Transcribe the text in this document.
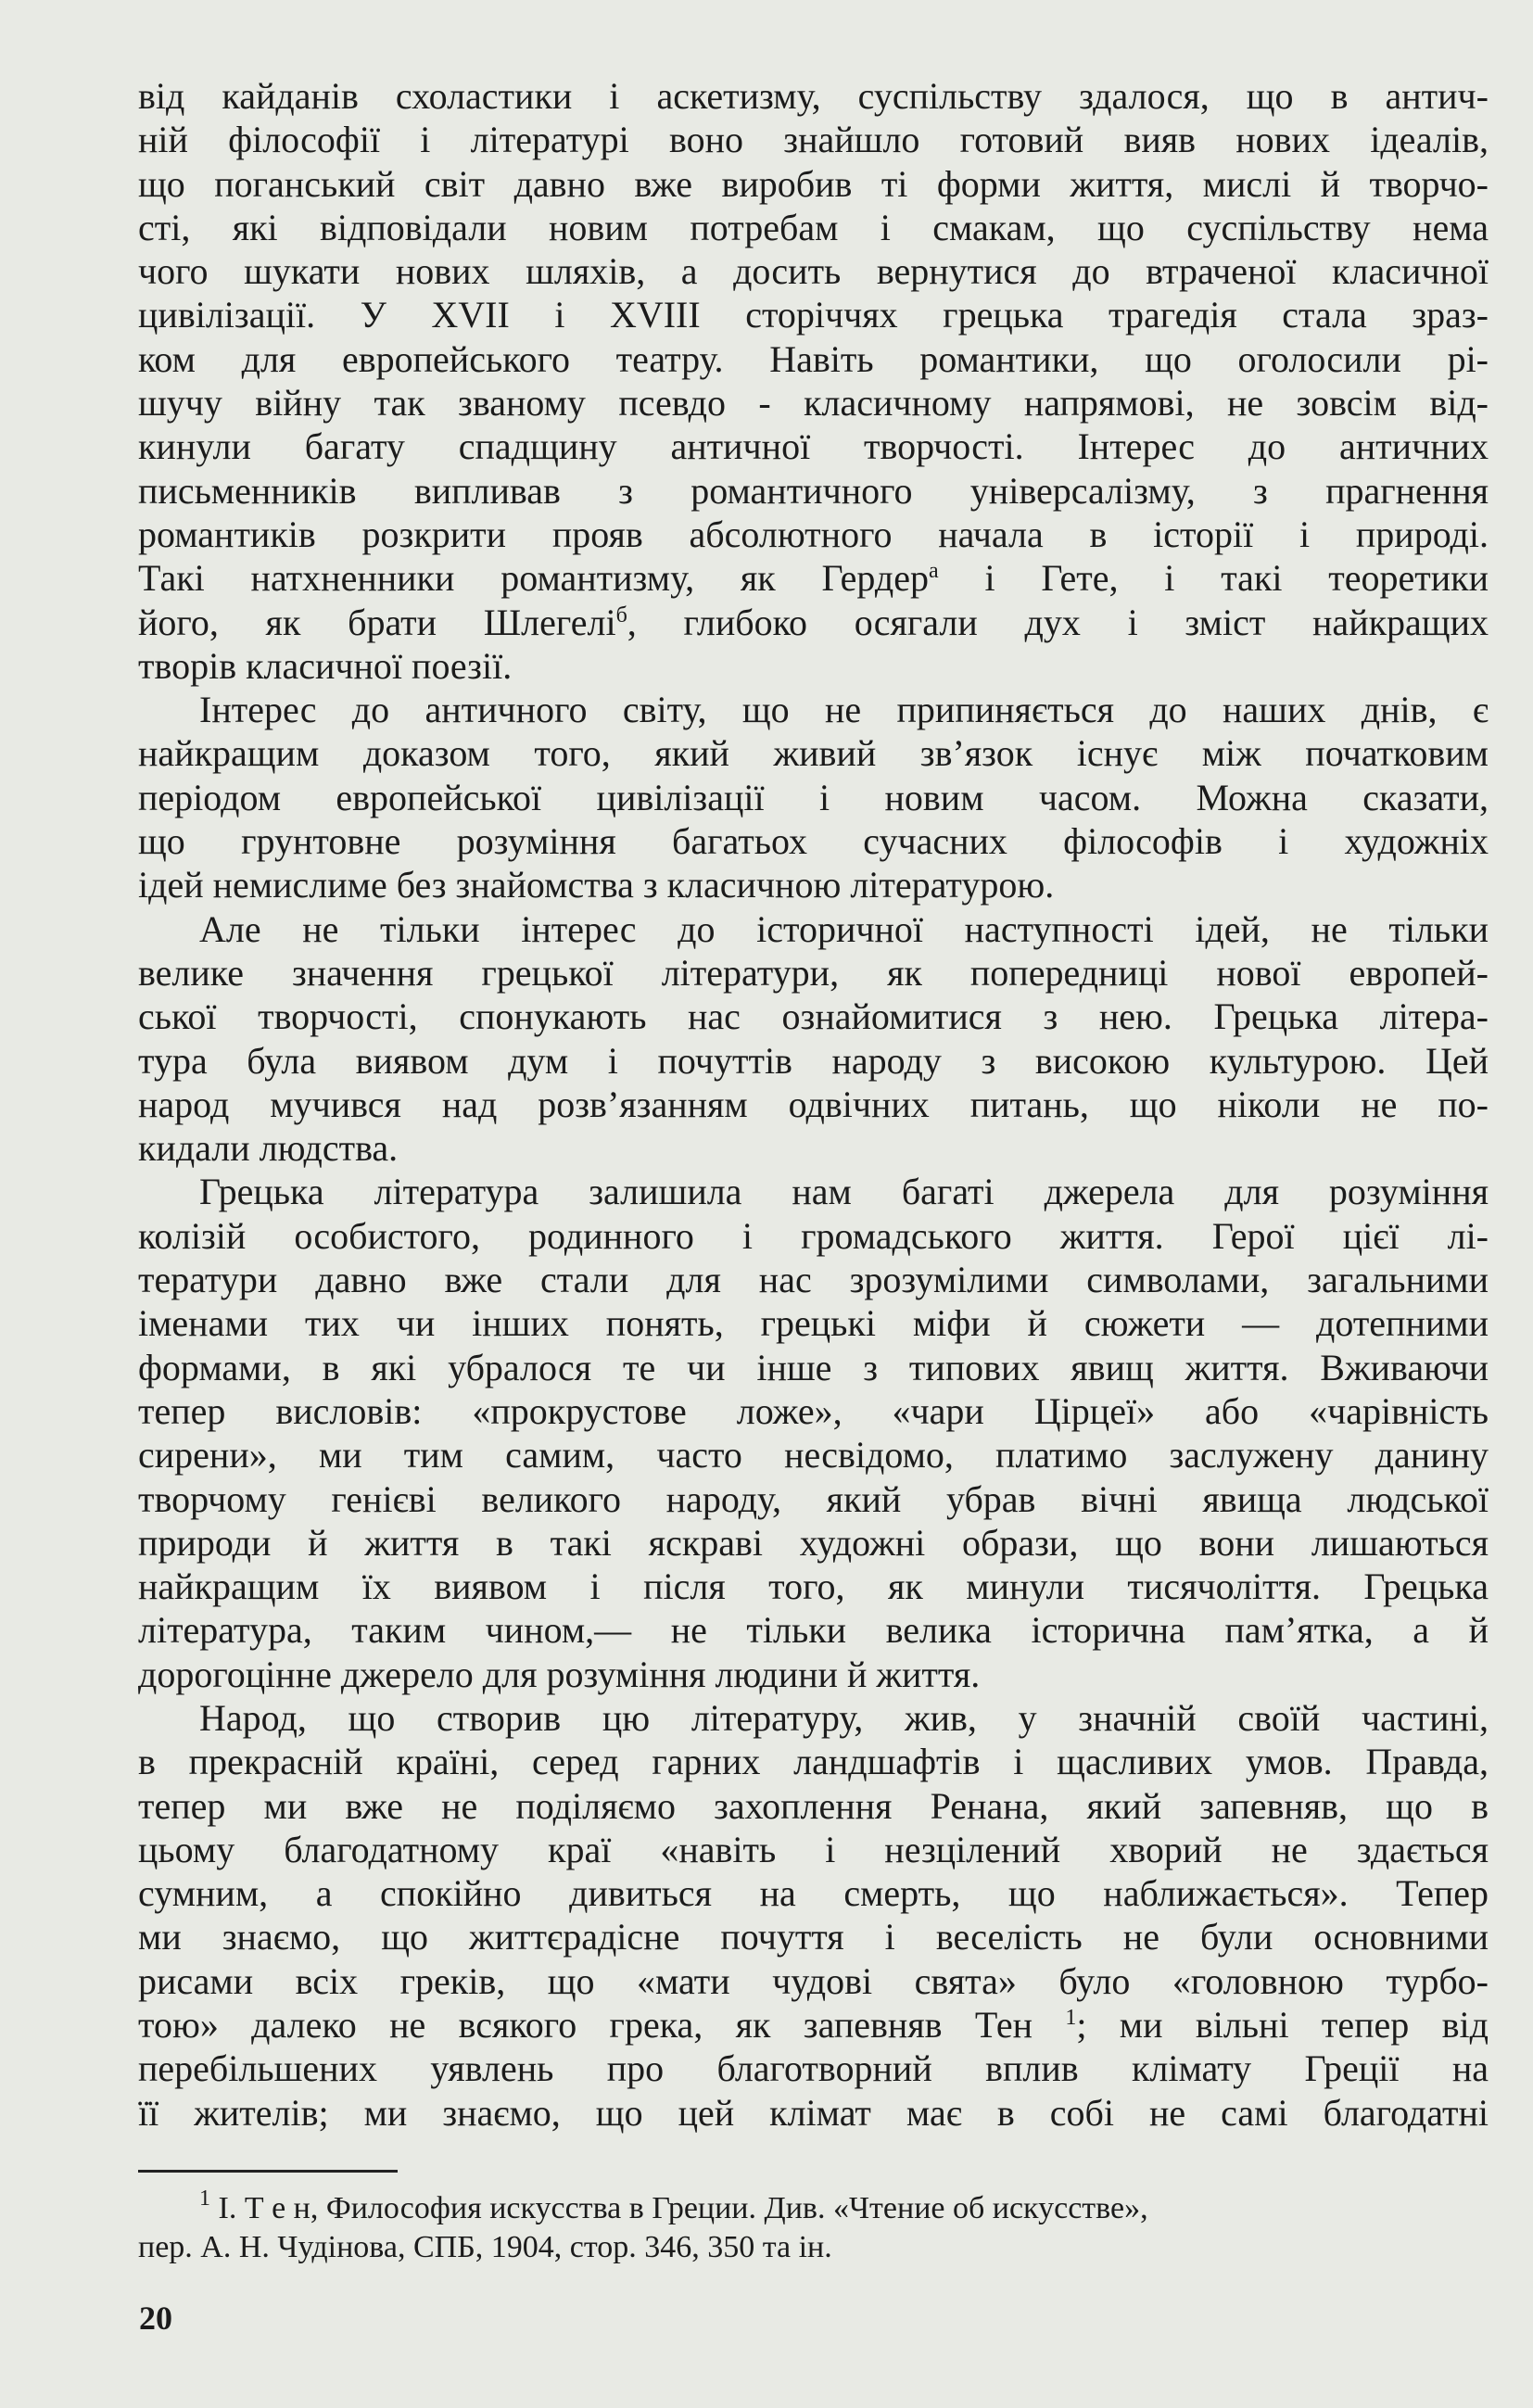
від кайданів схоластики і аскетизму, суспільству здалося, що в антич-
ній філософії і літературі воно знайшло готовий вияв нових ідеалів,
що поганський світ давно вже виробив ті форми життя, мислі й творчо-
сті, які відповідали новим потребам і смакам, що суспільству нема
чого шукати нових шляхів, а досить вернутися до втраченої класичної
цивілізації. У XVII і XVIII сторіччях грецька трагедія стала зраз-
ком для европейського театру. Навіть романтики, що оголосили рі-
шучу війну так званому псевдо - класичному напрямові, не зовсім від-
кинули багату спадщину античної творчості. Інтерес до античних
письменників випливав з романтичного універсалізму, з прагнення
романтиків розкрити прояв абсолютного начала в історії і природі.
Такі натхненники романтизму, як Гердер$^а$ і Гете, і такі теоретики
його, як брати Шлегелі$^б$, глибоко осягали дух і зміст найкращих
творів класичної поезії.
Інтерес до античного світу, що не припиняється до наших днів, є
найкращим доказом того, який живий зв’язок існує між початковим
періодом европейської цивілізації і новим часом. Можна сказати,
що грунтовне розуміння багатьох сучасних філософів і художніх
ідей немислиме без знайомства з класичною літературою.
Але не тільки інтерес до історичної наступності ідей, не тільки
велике значення грецької літератури, як попередниці нової европей-
ської творчості, спонукають нас ознайомитися з нею. Грецька літера-
тура була виявом дум і почуттів народу з високою культурою. Цей
народ мучився над розв’язанням одвічних питань, що ніколи не по-
кидали людства.
Грецька література залишила нам багаті джерела для розуміння
колізій особистого, родинного і громадського життя. Герої цієї лі-
тератури давно вже стали для нас зрозумілими символами, загальними
іменами тих чи інших понять, грецькі міфи й сюжети — дотепними
формами, в які убралося те чи інше з типових явищ життя. Вживаючи
тепер висловів: «прокрустове ложе», «чари Цірцеї» або «чарівність
сирени», ми тим самим, часто несвідомо, платимо заслужену данину
творчому генієві великого народу, який убрав вічні явища людської
природи й життя в такі яскраві художні образи, що вони лишаються
найкращим їх виявом і після того, як минули тисячоліття. Грецька
література, таким чином,— не тільки велика історична пам’ятка, а й
дорогоцінне джерело для розуміння людини й життя.
Народ, що створив цю літературу, жив, у значній своїй частині,
в прекрасній країні, серед гарних ландшафтів і щасливих умов. Правда,
тепер ми вже не поділяємо захоплення Ренана, який запевняв, що в
цьому благодатному краї «навіть і незцілений хворий не здається
сумним, а спокійно дивиться на смерть, що наближається». Тепер
ми знаємо, що життєрадісне почуття і веселість не були основними
рисами всіх греків, що «мати чудові свята» було «головною турбо-
тою» далеко не всякого грека, як запевняв Тен $^1$; ми вільні тепер від
перебільшених уявлень про благотворний вплив клімату Греції на
її жителів; ми знаємо, що цей клімат має в собі не самі благодатні
$^1$ І. Т е н, Философия искусства в Греции. Див. «Чтение об искусстве»,
пер. А. Н. Чудінова, СПБ, 1904, стор. 346, 350 та ін.
20
